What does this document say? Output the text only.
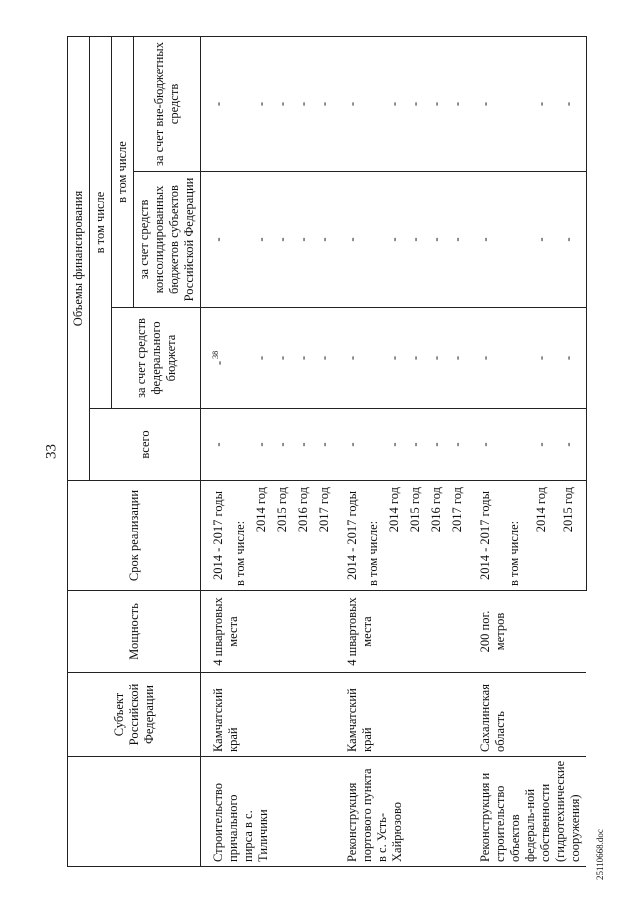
33
25110668.doc
	Субъект Российской Федерации	Мощность	Срок реализации	Объемы финансирования			
				всего	в том числе		
					за счет средств федерального бюджета	в том числе	
						за счет средств консолидированных бюджетов субъектов Российской Федерации	за счет вне-бюджетных средств
Строительство причального пирса в с. Тиличики	Камчатский край	4 швартовых места	2014 - 2017 годы	-	-$^{38}$	-	-
			в том числе:				
			2014 год	-	-	-	-
			2015 год	-	-	-	-
			2016 год	-	-	-	-
			2017 год	-	-	-	-
Реконструкция портового пункта в с. Усть-Хайрюзово	Камчатский край	4 швартовых места	2014 - 2017 годы	-	-	-	-
			в том числе:				
			2014 год	-	-	-	-
			2015 год	-	-	-	-
			2016 год	-	-	-	-
			2017 год	-	-	-	-
Реконструкция и строительство объектов федераль-ной собственности (гидротехнические сооружения)	Сахалинская область	200 пог. метров	2014 - 2017 годы	-	-	-	-
			в том числе:				
			2014 год	-	-	-	-
			2015 год	-	-	-	-
